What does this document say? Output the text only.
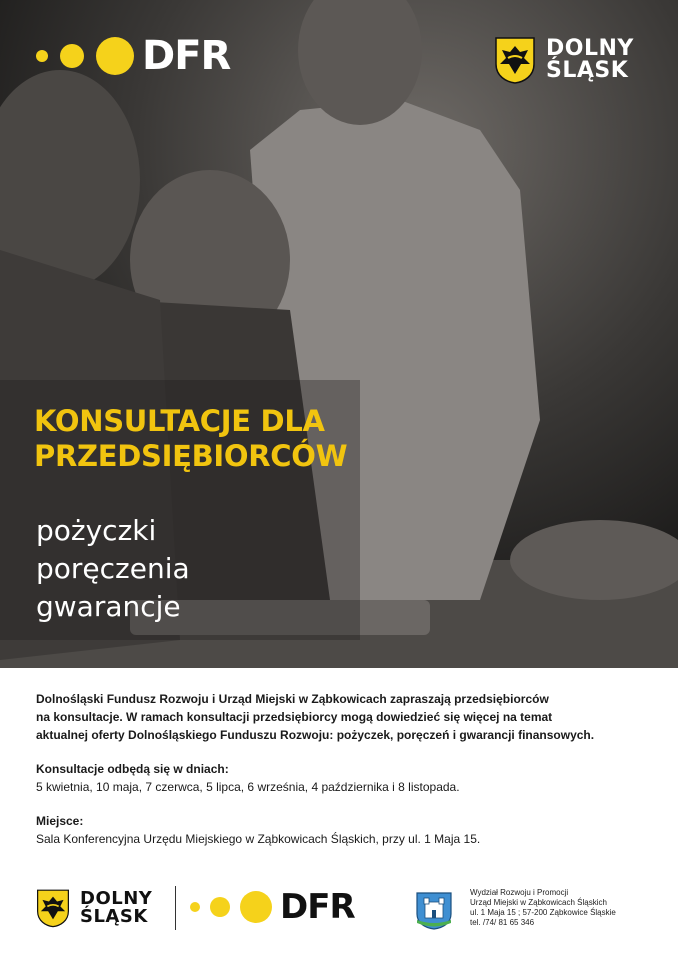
DFR	DOLNY
ŚLĄSK
KONSULTACJE DLA
PRZEDSIĘBIORCÓW
pożyczki
poręczenia
gwarancje

Dolnośląski Fundusz Rozwoju i Urząd Miejski w Ząbkowicach zapraszają przedsiębiorców

na konsultacje. W ramach konsultacji przedsiębiorcy mogą dowiedzieć się więcej na temat

aktualnej oferty Dolnośląskiego Funduszu Rozwoju: pożyczek, poręczeń i gwarancji finansowych.

Konsultacje odbędą się w dniach:

5 kwietnia, 10 maja, 7 czerwca, 5 lipca, 6 września, 4 października i 8 listopada.

Miejsce:

Sala Konferencyjna Urzędu Miejskiego w Ząbkowicach Śląskich, przy ul. 1 Maja 15.

DOLNY
ŚLĄSK	DFR	Wydział Rozwoju i Promocji
Urząd Miejski w Ząbkowicach Śląskich
ul. 1 Maja 15 ; 57-200 Ząbkowice Śląskie
tel. /74/ 81 65 346
